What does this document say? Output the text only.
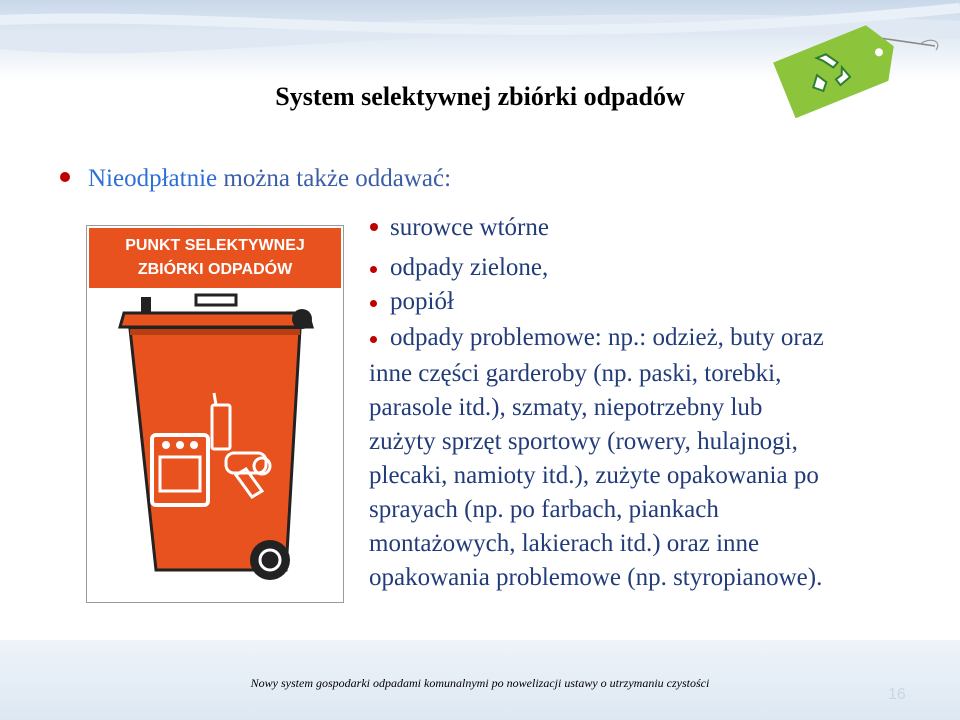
System selektywnej zbiórki odpadów
Nieodpłatnie można także oddawać:
PUNKT SELEKTYWNEJ
ZBIÓRKI ODPADÓW
surowce wtórne
odpady zielone,
popiół
odpady problemowe: np.: odzież, buty oraz
inne części garderoby (np. paski, torebki,
parasole itd.), szmaty, niepotrzebny lub
zużyty sprzęt sportowy (rowery, hulajnogi,
plecaki, namioty itd.), zużyte opakowania po
sprayach (np. po farbach, piankach
montażowych, lakierach itd.) oraz inne
opakowania problemowe (np. styropianowe).
Nowy system gospodarki odpadami komunalnymi po nowelizacji ustawy o utrzymaniu czystości
16
